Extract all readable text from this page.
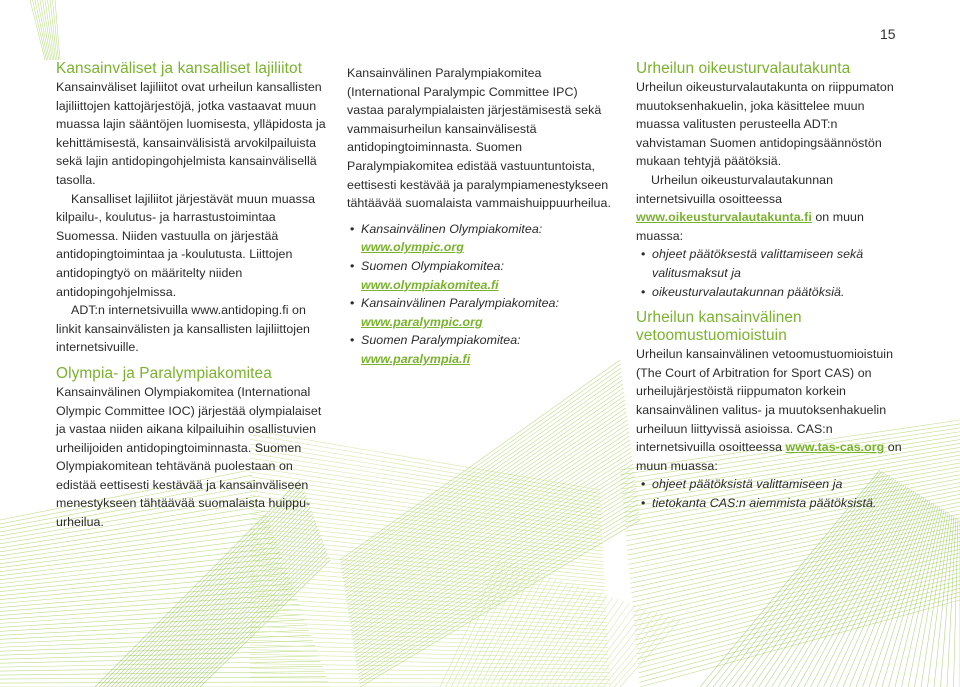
15
Kansainväliset ja kansalliset lajiliitot

Kansainväliset lajiliitot ovat urheilun kansallisten lajiliittojen kattojärjestöjä, jotka vastaavat muun muassa lajin sääntöjen luomisesta, ylläpidosta ja kehittämisestä, kansainvälisistä arvokilpailuista sekä lajin antidopingohjelmista kansainvälisellä tasolla.

Kansalliset lajiliitot järjestävät muun muassa kilpailu-, koulutus- ja harrastustoimintaa Suomessa. Niiden vastuulla on järjestää antidopingtoimintaa ja -koulutusta. Liittojen antidopingtyö on määritelty niiden antidopingohjelmissa.

ADT:n internetsivuilla www.antidoping.fi on linkit kansainvälisten ja kansallisten lajiliittojen internetsivuille.

Olympia- ja Paralympiakomitea

Kansainvälinen Olympiakomitea (International Olympic Committee IOC) järjestää olympialaiset ja vastaa niiden aikana kilpailuihin osallistuvien urheilijoiden antidopingtoiminnasta. Suomen Olympiakomitean tehtävänä puolestaan on edistää eettisesti kestävää ja kansainväliseen menestykseen tähtäävää suomalaista huippuurheilua.

Kansainvälinen Paralympiakomitea (International Paralympic Committee IPC) vastaa paralympialaisten järjestämisestä sekä vammaisurheilun kansainvälisestä antidopingtoiminnasta. Suomen Paralympiakomitea edistää vastuuntuntoista, eettisesti kestävää ja paralympiamenestykseen tähtäävää suomalaista vammaishuippuurheilua.

• Kansainvälinen Olympiakomitea:
www.olympic.org
• Suomen Olympiakomitea:
www.olympiakomitea.fi
• Kansainvälinen Paralympiakomitea:
www.paralympic.org
• Suomen Paralympiakomitea:
www.paralympia.fi
Urheilun oikeusturvalautakunta

Urheilun oikeusturvalautakunta on riippumaton muutoksenhakuelin, joka käsittelee muun muassa valitusten perusteella ADT:n vahvistaman Suomen antidopingsäännöstön mukaan tehtyjä päätöksiä.

Urheilun oikeusturvalautakunnan internetsivuilla osoitteessa www.oikeusturvalautakunta.fi on muun muassa:

• ohjeet päätöksestä valittamiseen sekä valitusmaksut ja
• oikeusturvalautakunnan päätöksiä.
Urheilun kansainvälinen vetoomustuomioistuin

Urheilun kansainvälinen vetoomustuomioistuin (The Court of Arbitration for Sport CAS) on urheilujärjestöistä riippumaton korkein kansainvälinen valitus- ja muutoksenhakuelin urheiluun liittyvissä asioissa. CAS:n internetsivuilla osoitteessa www.tas-cas.org on muun muassa:

• ohjeet päätöksistä valittamiseen ja
• tietokanta CAS:n aiemmista päätöksistä.
